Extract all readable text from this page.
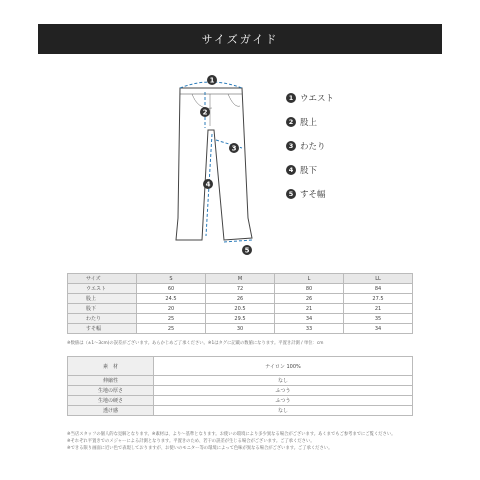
サイズガイド
1
2
3
4
5
1 ウエスト
2 股上
3 わたり
4 股下
5 すそ幅
サイズ	S	M	L	LL
ウエスト	60	72	80	84
股上	24.5	26	26	27.5
股下	20	20.5	21	21
わたり	25	29.5	34	35
すそ幅	25	30	33	34
※数値は（±1〜3cm)の誤差がございます。あらかじめご了承ください。※1はタグに記載の数値になります。平置き計測 / 単位：cm
素　材	ナイロン 100%
伸縮性	なし
生地の厚さ	ふつう
生地の硬さ	ふつう
透け感	なし
※当店スタッフの個人的な見解となります。※素材は、より〜基準となります。お使いの環境により多少異なる場合がございます。あくまでもご参考までにご覧ください。
※それぞれ平置きでのメジャーによる計測となります。平置きのため、若干の誤差が生じる場合がございます。ご了承ください。
※できる限り画面に近い色で表現しておりますが、お使いのモニター等の環境によって色味が異なる場合がございます。ご了承ください。
